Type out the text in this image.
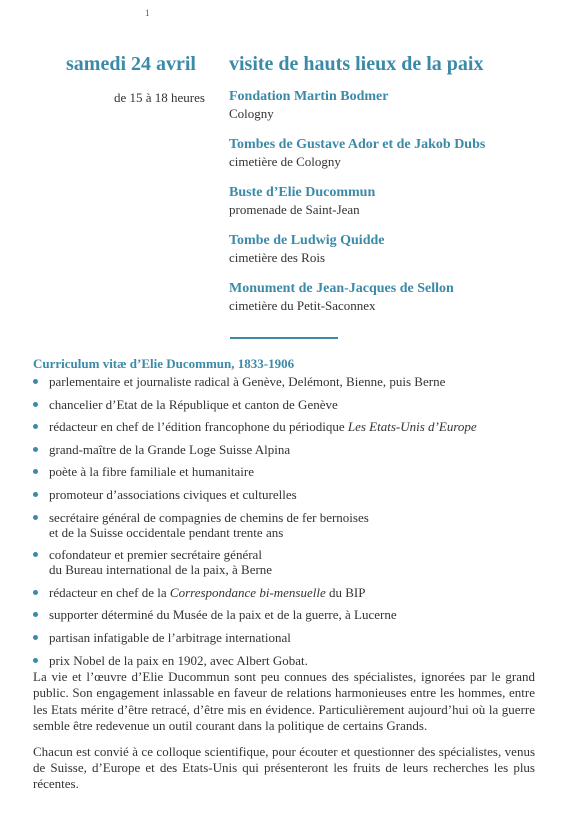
1
samedi 24 avril visite de hauts lieux de la paix
de 15 à 18 heures Fondation Martin Bodmer
Cologny
Tombes de Gustave Ador et de Jakob Dubs
cimetière de Cologny
Buste d’Elie Ducommun
promenade de Saint-Jean
Tombe de Ludwig Quidde
cimetière des Rois
Monument de Jean-Jacques de Sellon
cimetière du Petit-Saconnex
Curriculum vitæ d’Elie Ducommun, 1833-1906
parlementaire et journaliste radical à Genève, Delémont, Bienne, puis Berne
chancelier d’Etat de la République et canton de Genève
rédacteur en chef de l’édition francophone du périodique Les Etats-Unis d’Europe
grand-maître de la Grande Loge Suisse Alpina
poète à la fibre familiale et humanitaire
promoteur d’associations civiques et culturelles
secrétaire général de compagnies de chemins de fer bernoises
et de la Suisse occidentale pendant trente ans
cofondateur et premier secrétaire général
du Bureau international de la paix, à Berne
rédacteur en chef de la Correspondance bi-mensuelle du BIP
supporter déterminé du Musée de la paix et de la guerre, à Lucerne
partisan infatigable de l’arbitrage international
prix Nobel de la paix en 1902, avec Albert Gobat.

La vie et l’œuvre d’Elie Ducommun sont peu connues des spécialistes, ignorées par le grand public. Son engagement inlassable en faveur de relations harmonieuses entre les hommes, entre les Etats mérite d’être retracé, d’être mis en évidence. Particulièrement aujourd’hui où la guerre semble être redevenue un outil courant dans la politique de certains Grands.

Chacun est convié à ce colloque scientifique, pour écouter et questionner des spécialistes, venus de Suisse, d’Europe et des Etats-Unis qui présenteront les fruits de leurs recherches les plus récentes.
